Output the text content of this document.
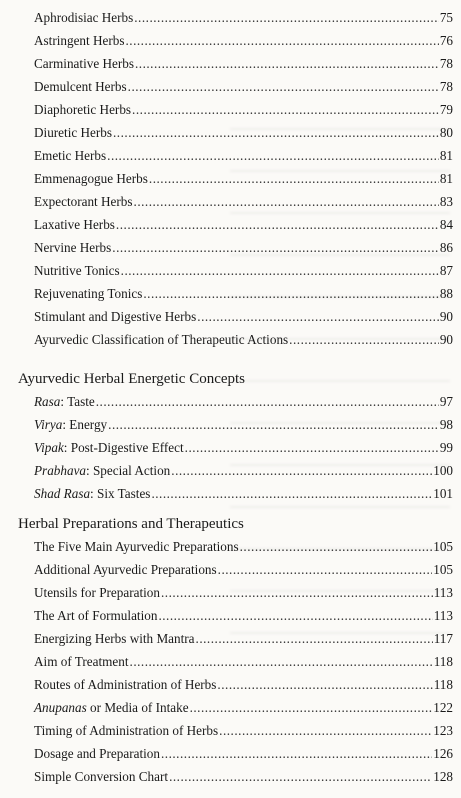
Aphrodisiac Herbs .....	75
Astringent Herbs .....	76
Carminative Herbs .....	78
Demulcent Herbs .....	78
Diaphoretic Herbs .....	79
Diuretic Herbs .....	80
Emetic Herbs .....	81
Emmenagogue Herbs .....	81
Expectorant Herbs .....	83
Laxative Herbs .....	84
Nervine Herbs .....	86
Nutritive Tonics .....	87
Rejuvenating Tonics .....	88
Stimulant and Digestive Herbs .....	90
Ayurvedic Classification of Therapeutic Actions .....	90
Ayurvedic Herbal Energetic Concepts
Rasa: Taste .....	97
Virya: Energy .....	98
Vipak: Post-Digestive Effect .....	99
Prabhava: Special Action .....	100
Shad Rasa: Six Tastes .....	101
Herbal Preparations and Therapeutics
The Five Main Ayurvedic Preparations .....	105
Additional Ayurvedic Preparations .....	105
Utensils for Preparation .....	113
The Art of Formulation .....	113
Energizing Herbs with Mantra .....	117
Aim of Treatment .....	118
Routes of Administration of Herbs .....	118
Anupanas or Media of Intake .....	122
Timing of Administration of Herbs .....	123
Dosage and Preparation .....	126
Simple Conversion Chart .....	128
